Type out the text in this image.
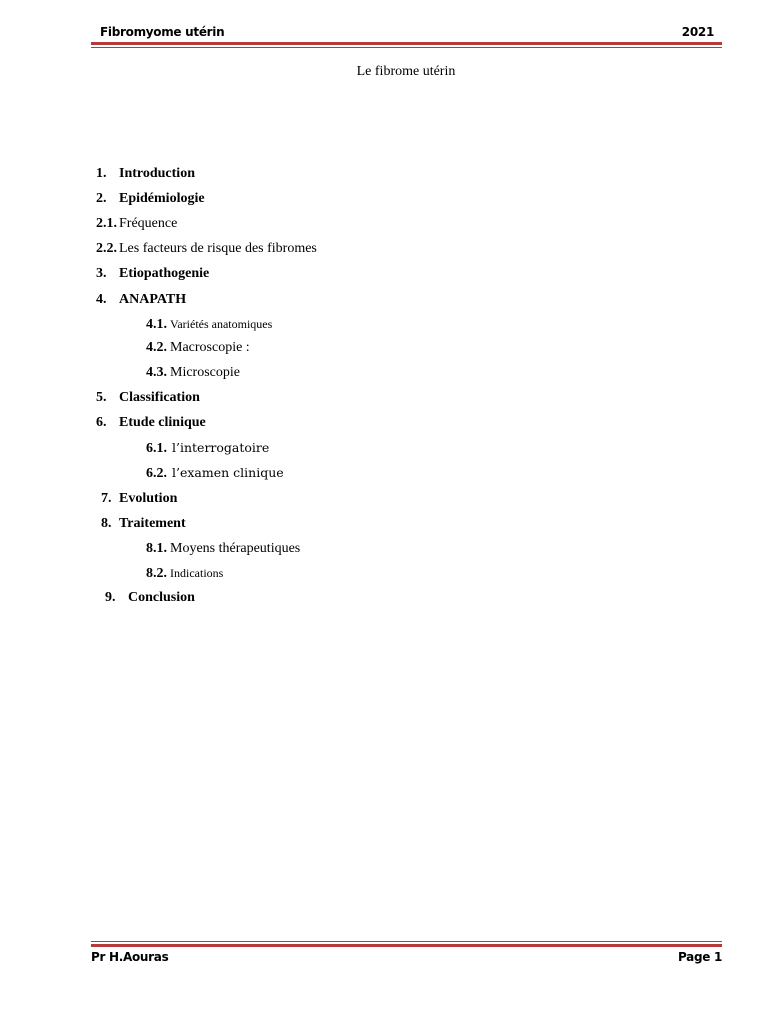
Fibromyome utérin	2021
Le fibrome utérin
1. Introduction
2. Epidémiologie
2.1. Fréquence
2.2. Les facteurs de risque des fibromes
3. Etiopathogenie
4. ANAPATH
4.1. Variétés anatomiques
4.2. Macroscopie :
4.3. Microscopie
5. Classification
6. Etude clinique
6.1. l’interrogatoire
6.2. l’examen clinique
7. Evolution
8. Traitement
8.1. Moyens thérapeutiques
8.2. Indications
9. Conclusion
Pr H.Aouras	Page 1
